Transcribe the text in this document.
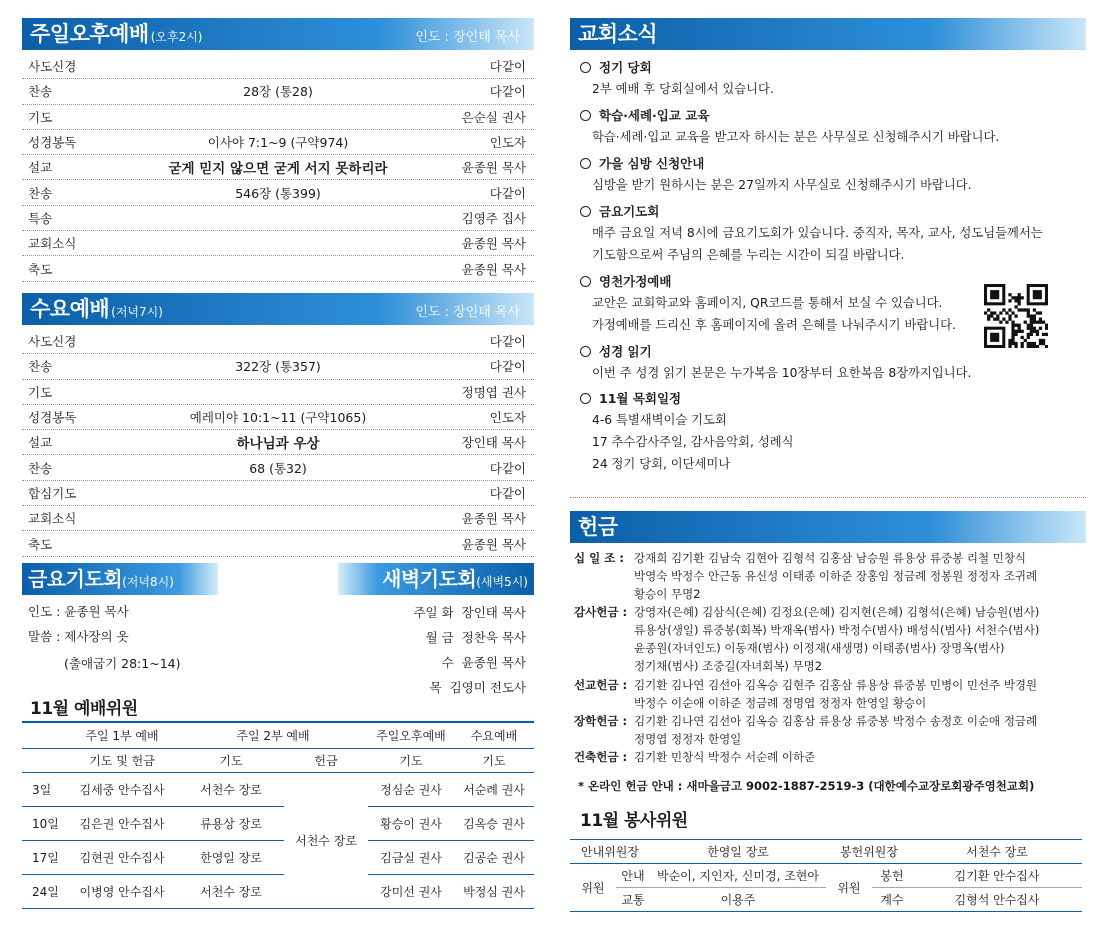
주일오후예배 (오후2시)	인도 : 장인태 목사
사도신경	다같이
찬송	28장 (통28)	다같이
기도	은순실 권사
성경봉독	이사야 7:1~9 (구약974)	인도자
설교	굳게 믿지 않으면 굳게 서지 못하리라	윤종원 목사
찬송	546장 (통399)	다같이
특송	김영주 집사
교회소식	윤종원 목사
축도	윤종원 목사
수요예배 (저녁7시)	인도 : 장인태 목사
사도신경	다같이
찬송	322장 (통357)	다같이
기도	정명엽 권사
성경봉독	예레미야 10:1~11 (구약1065)	인도자
설교	하나님과 우상	장인태 목사
찬송	68 (통32)	다같이
합심기도	다같이
교회소식	윤종원 목사
축도	윤종원 목사
금요기도회 (저녁8시)	새벽기도회 (새벽5시)
인도 : 윤종원 목사
말씀 : 제사장의 옷
(출애굽기 28:1~14)
주일 화 장인태 목사
월 금 정찬욱 목사
수 윤종원 목사
목 김영미 전도사
11월 예배위원
	주일 1부 예배	주일 2부 예배		주일오후예배	수요예배
	기도 및 헌금	기도	헌금	기도	기도
3일	김세중 안수집사	서천수 장로	서천수 장로	정심순 권사	서순례 권사
10일	김은권 안수집사	류용상 장로		황승이 권사	김옥승 권사
17일	김현권 안수집사	한영일 장로		김금실 권사	김공순 권사
24일	이병영 안수집사	서천수 장로		강미선 권사	박정심 권사
교회소식
정기 당회
2부 예배 후 당회실에서 있습니다.
학습·세례·입교 교육
학습·세례·입교 교육을 받고자 하시는 분은 사무실로 신청해주시기 바랍니다.
가을 심방 신청안내
심방을 받기 원하시는 분은 27일까지 사무실로 신청해주시기 바랍니다.
금요기도회
매주 금요일 저녁 8시에 금요기도회가 있습니다. 중직자, 목자, 교사, 성도님들께서는
기도함으로써 주님의 은혜를 누리는 시간이 되길 바랍니다.
영천가정예배
교안은 교회학교와 홈페이지, QR코드를 통해서 보실 수 있습니다.
가정예배를 드리신 후 홈페이지에 올려 은혜를 나눠주시기 바랍니다.
성경 읽기
이번 주 성경 읽기 본문은 누가복음 10장부터 요한복음 8장까지입니다.
11월 목회일정
4-6 특별새벽이슬 기도회
17 추수감사주일, 감사음악회, 성례식
24 정기 당회, 이단세미나
헌금
십 일 조 : 강재희 김기환 김남숙 김현아 김형석 김홍삼 남승원 류용상 류중봉 리철 민창식
박영숙 박정수 안근동 유신성 이태종 이하준 장홍임 정금례 정봉원 정정자 조귀례
황승이 무명2
감사헌금 : 강영자(은혜) 김삼식(은혜) 김정요(은혜) 김지현(은혜) 김형석(은혜) 남승원(범사)
류용상(생일) 류중봉(회복) 박재옥(범사) 박정수(범사) 배성식(범사) 서천수(범사)
윤종원(자녀인도) 이동재(범사) 이정재(새생명) 이태종(범사) 장명옥(범사)
정기채(범사) 조중길(자녀회복) 무명2
선교헌금 : 김기환 김나연 김선아 김옥승 김현주 김홍삼 류용상 류중봉 민병이 민선주 박경원
박정수 이순애 이하준 정금례 정명엽 정정자 한영일 황승이
장학헌금 : 김기환 김나연 김선아 김옥승 김홍삼 류용상 류중봉 박정수 송정호 이순애 정금례
정명엽 정정자 한영일
건축헌금 : 김기환 민창식 박정수 서순례 이하준
* 온라인 헌금 안내 : 새마을금고 9002-1887-2519-3 (대한예수교장로회광주영천교회)
11월 봉사위원
안내위원장		한영일 장로	봉헌위원장		서천수 장로
위원	안내	박순이, 지인자, 신미경, 조현아	위원	봉헌	김기환 안수집사
	교통	이용주		계수	김형석 안수집사
